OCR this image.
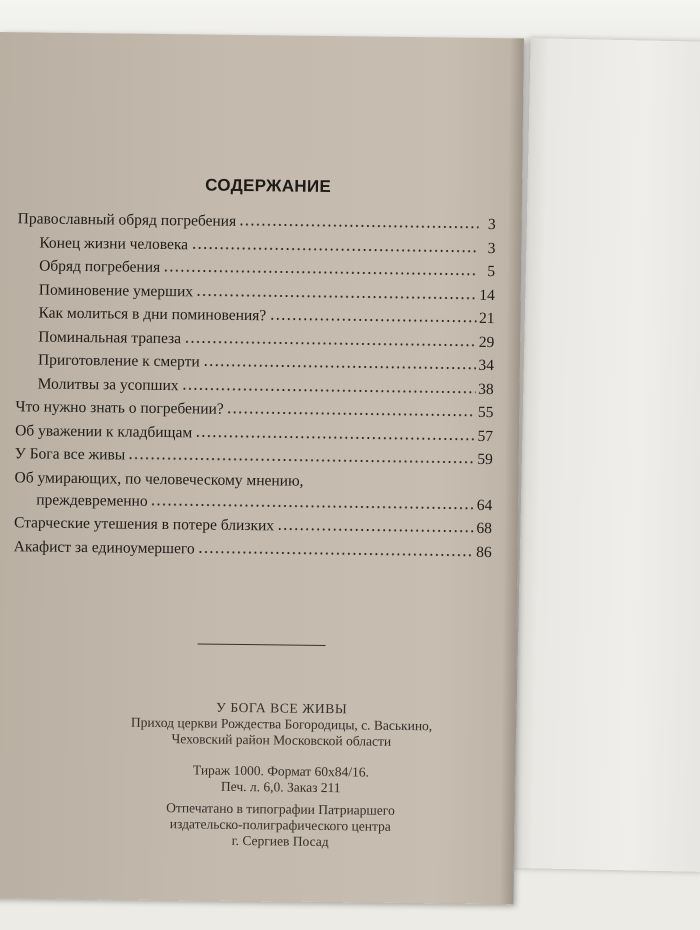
СОДЕРЖАНИЕ
Православный обряд погребения	3
Конец жизни человека	3
Обряд погребения	5
Поминовение умерших	14
Как молиться в дни поминовения?	21
Поминальная трапеза	29
Приготовление к смерти	34
Молитвы за усопших	38
Что нужно знать о погребении?	55
Об уважении к кладбищам	57
У Бога все живы	59
Об умирающих, по человеческому мнению,
преждевременно	64
Старческие утешения в потере близких	68
Акафист за единоумершего	86
У БОГА ВСЕ ЖИВЫ
Приход церкви Рождества Богородицы, с. Васькино,
Чеховский район Московской области
Тираж 1000. Формат 60x84/16.
Печ. л. 6,0. Заказ 211
Отпечатано в типографии Патриаршего
издательско-полиграфического центра
г. Сергиев Посад
